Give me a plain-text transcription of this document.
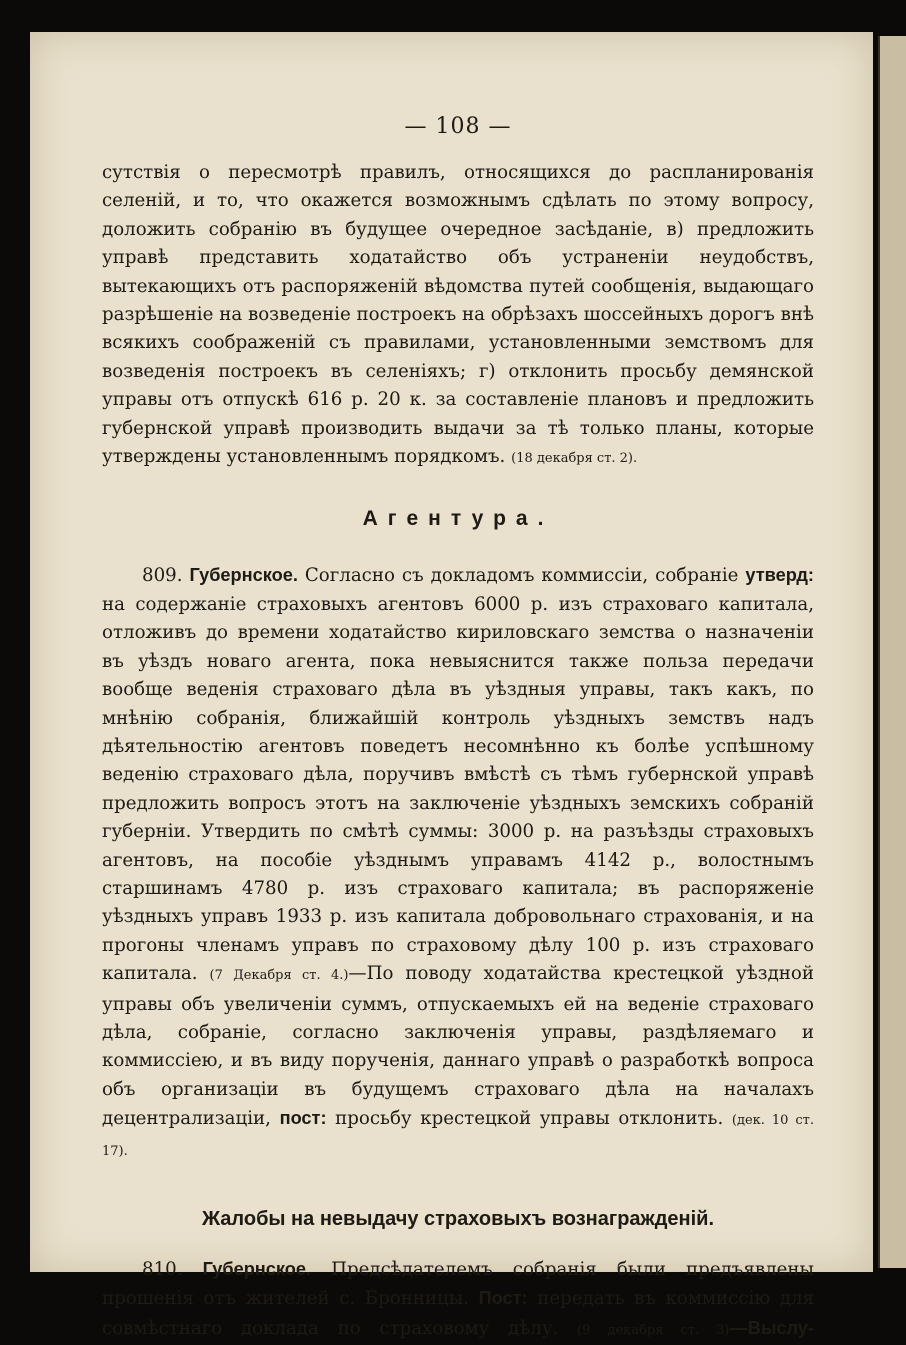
— 108 —

сутствія о пересмотрѣ правилъ, относящихся до распланированія селеній, и то, что окажется возможнымъ сдѣлать по этому вопросу, доложить собранію въ будущее очередное засѣданіе, в) предложить управѣ представить ходатайство объ устраненіи неудобствъ, вытекающихъ отъ распоряженій вѣдомства путей сообщенія, выдающаго разрѣшеніе на возведеніе построекъ на обрѣзахъ шоссейныхъ дорогъ внѣ всякихъ соображеній съ правилами, установленными земствомъ для возведенія построекъ въ селеніяхъ; г) отклонить просьбу демянской управы отъ отпускѣ 616 р. 20 к. за составленіе плановъ и предложить губернской управѣ производить выдачи за тѣ только планы, которые утверждены установленнымъ порядкомъ. (18 декабря ст. 2).

Агентура.

809. Губернское. Согласно съ докладомъ коммиссіи, собраніе утверд: на содержаніе страховыхъ агентовъ 6000 р. изъ страховаго капитала, отложивъ до времени ходатайство кириловскаго земства о назначеніи въ уѣздъ новаго агента, пока невыяснится также польза передачи вообще веденія страховаго дѣла въ уѣздныя управы, такъ какъ, по мнѣнію собранія, ближайшій контроль уѣздныхъ земствъ надъ дѣятельностію агентовъ поведетъ несомнѣнно къ болѣе успѣшному веденію страховаго дѣла, поручивъ вмѣстѣ съ тѣмъ губернской управѣ предложить вопросъ этотъ на заключеніе уѣздныхъ земскихъ собраній губерніи. Утвердить по смѣтѣ суммы: 3000 р. на разъѣзды страховыхъ агентовъ, на пособіе уѣзднымъ управамъ 4142 р., волостнымъ старшинамъ 4780 р. изъ страховаго капитала; въ распоряженіе уѣздныхъ управъ 1933 р. изъ капитала добровольнаго страхованія, и на прогоны членамъ управъ по страховому дѣлу 100 р. изъ страховаго капитала. (7 Декабря ст. 4.)—По поводу ходатайства крестецкой уѣздной управы объ увеличеніи суммъ, отпускаемыхъ ей на веденіе страховаго дѣла, собраніе, согласно заключенія управы, раздѣляемаго и коммиссіею, и въ виду порученія, даннаго управѣ о разработкѣ вопроса объ организаціи въ будущемъ страховаго дѣла на началахъ децентрализаціи, пост: просьбу крестецкой управы отклонить. (дек. 10 ст. 17).

Жалобы на невыдачу страховыхъ вознагражденій.

810. Губернское. Предсѣдателемъ собранія были предъявлены прошенія отъ жителей с. Бронницы. Пост: передать въ коммиссію для совмѣстнаго доклада по страховому дѣлу. (9 декабря ст. 3)—Выслу-
